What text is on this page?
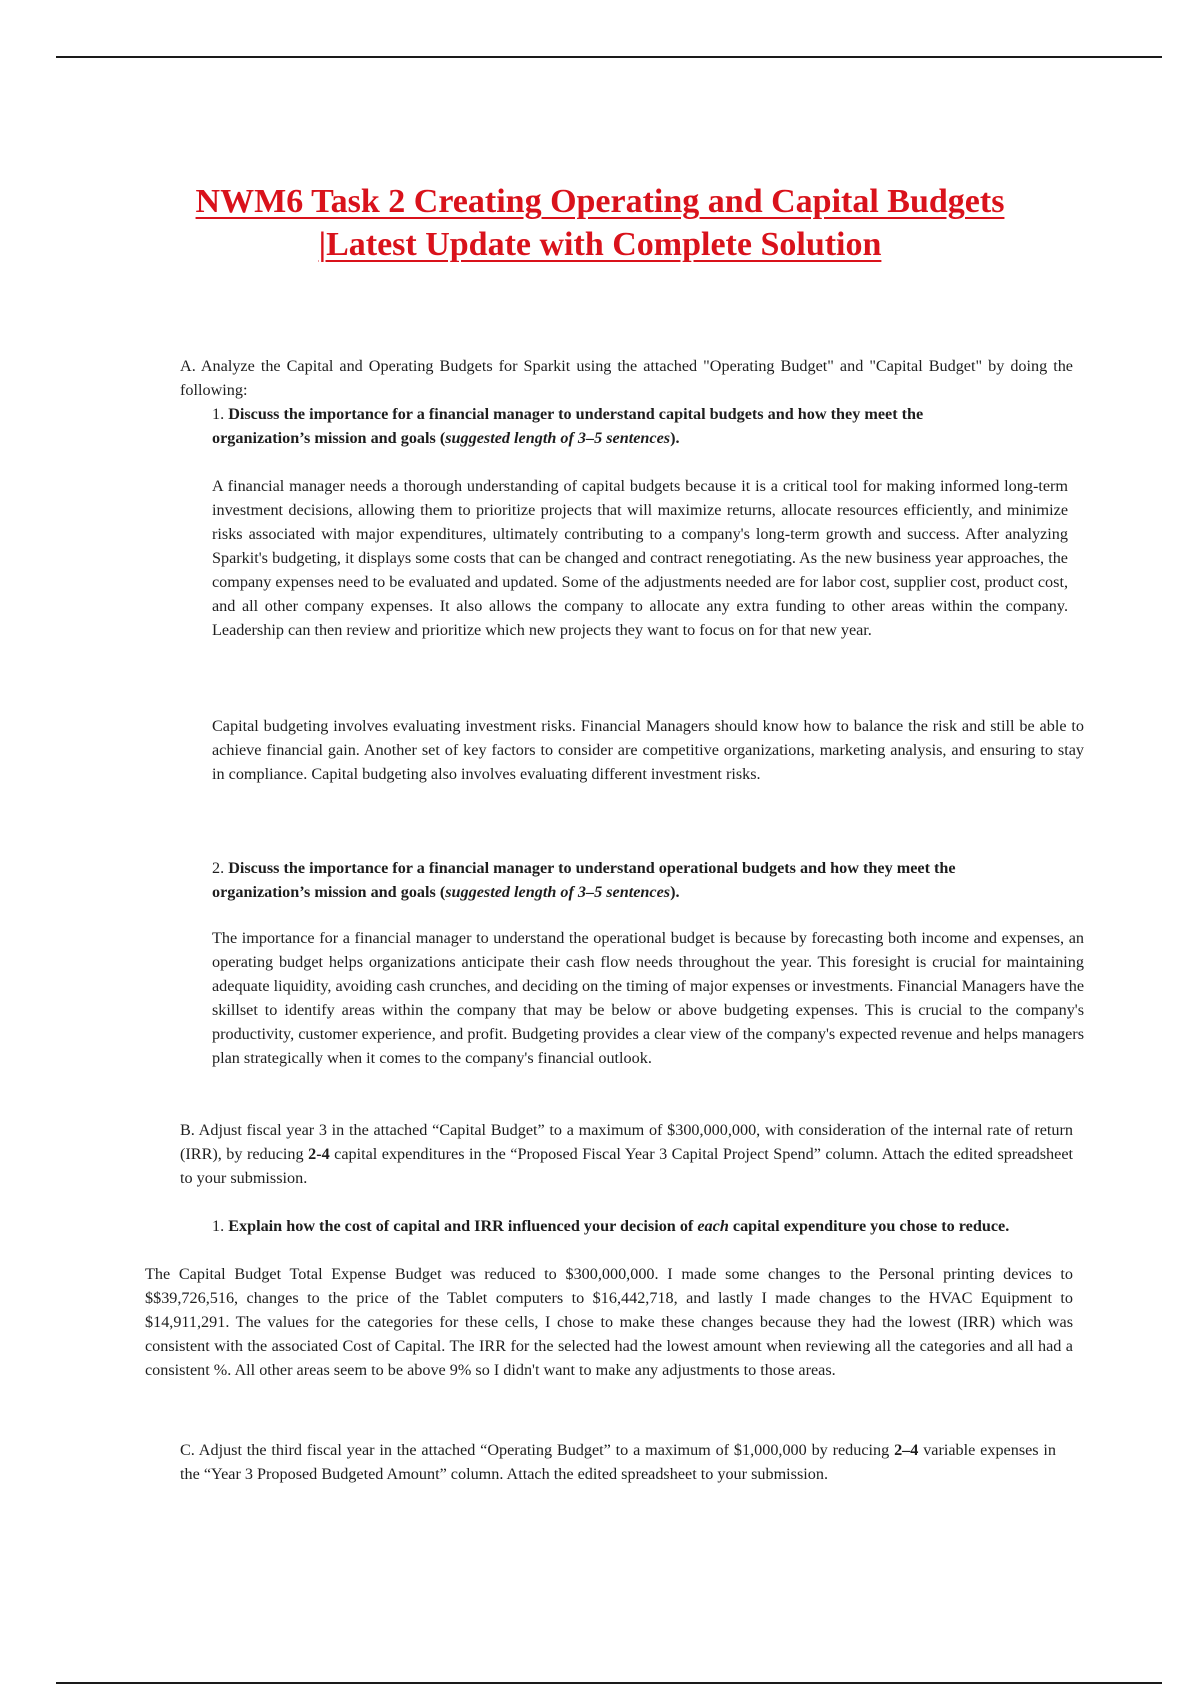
NWM6 Task 2 Creating Operating and Capital Budgets
|Latest Update with Complete Solution

A. Analyze the Capital and Operating Budgets for Sparkit using the attached "Operating Budget" and "Capital Budget" by doing the following:

1. Discuss the importance for a financial manager to understand capital budgets and how they meet the organization’s mission and goals (suggested length of 3–5 sentences).

A financial manager needs a thorough understanding of capital budgets because it is a critical tool for making informed long-term investment decisions, allowing them to prioritize projects that will maximize returns, allocate resources efficiently, and minimize risks associated with major expenditures, ultimately contributing to a company's long-term growth and success. After analyzing Sparkit's budgeting, it displays some costs that can be changed and contract renegotiating. As the new business year approaches, the company expenses need to be evaluated and updated. Some of the adjustments needed are for labor cost, supplier cost, product cost, and all other company expenses. It also allows the company to allocate any extra funding to other areas within the company. Leadership can then review and prioritize which new projects they want to focus on for that new year.

Capital budgeting involves evaluating investment risks. Financial Managers should know how to balance the risk and still be able to achieve financial gain. Another set of key factors to consider are competitive organizations, marketing analysis, and ensuring to stay in compliance. Capital budgeting also involves evaluating different investment risks.

2. Discuss the importance for a financial manager to understand operational budgets and how they meet the organization’s mission and goals (suggested length of 3–5 sentences).

The importance for a financial manager to understand the operational budget is because by forecasting both income and expenses, an operating budget helps organizations anticipate their cash flow needs throughout the year. This foresight is crucial for maintaining adequate liquidity, avoiding cash crunches, and deciding on the timing of major expenses or investments. Financial Managers have the skillset to identify areas within the company that may be below or above budgeting expenses. This is crucial to the company's productivity, customer experience, and profit. Budgeting provides a clear view of the company's expected revenue and helps managers plan strategically when it comes to the company's financial outlook.

B. Adjust fiscal year 3 in the attached “Capital Budget” to a maximum of $300,000,000, with consideration of the internal rate of return (IRR), by reducing 2-4 capital expenditures in the “Proposed Fiscal Year 3 Capital Project Spend” column. Attach the edited spreadsheet to your submission.

1. Explain how the cost of capital and IRR influenced your decision of each capital expenditure you chose to reduce.

The Capital Budget Total Expense Budget was reduced to $300,000,000. I made some changes to the Personal printing devices to $$39,726,516, changes to the price of the Tablet computers to $16,442,718, and lastly I made changes to the HVAC Equipment to $14,911,291. The values for the categories for these cells, I chose to make these changes because they had the lowest (IRR) which was consistent with the associated Cost of Capital. The IRR for the selected had the lowest amount when reviewing all the categories and all had a consistent %. All other areas seem to be above 9% so I didn't want to make any adjustments to those areas.

C. Adjust the third fiscal year in the attached “Operating Budget” to a maximum of $1,000,000 by reducing 2–4 variable expenses in the “Year 3 Proposed Budgeted Amount” column. Attach the edited spreadsheet to your submission.
